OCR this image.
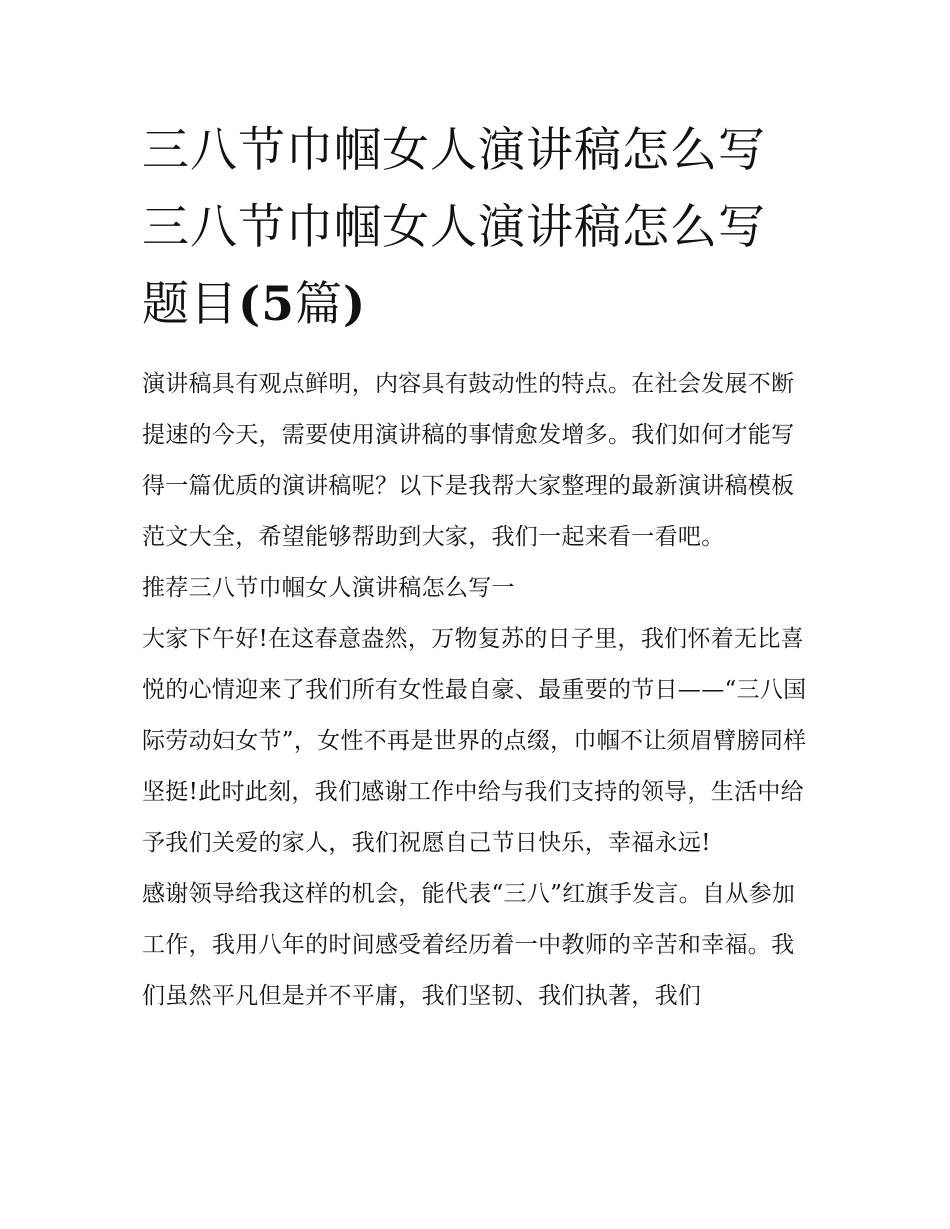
三八节巾帼女人演讲稿怎么写
三八节巾帼女人演讲稿怎么写
题目(5篇)

演讲稿具有观点鲜明，内容具有鼓动性的特点。在社会发展不断提速的今天，需要使用演讲稿的事情愈发增多。我们如何才能写得一篇优质的演讲稿呢？以下是我帮大家整理的最新演讲稿模板范文大全，希望能够帮助到大家，我们一起来看一看吧。

推荐三八节巾帼女人演讲稿怎么写一

大家下午好!在这春意盎然，万物复苏的日子里，我们怀着无比喜悦的心情迎来了我们所有女性最自豪、最重要的节日——“三八国际劳动妇女节”，女性不再是世界的点缀，巾帼不让须眉臂膀同样坚挺!此时此刻，我们感谢工作中给与我们支持的领导，生活中给予我们关爱的家人，我们祝愿自己节日快乐，幸福永远!

感谢领导给我这样的机会，能代表“三八”红旗手发言。自从参加工作，我用八年的时间感受着经历着一中教师的辛苦和幸福。我们虽然平凡但是并不平庸，我们坚韧、我们执著，我们
